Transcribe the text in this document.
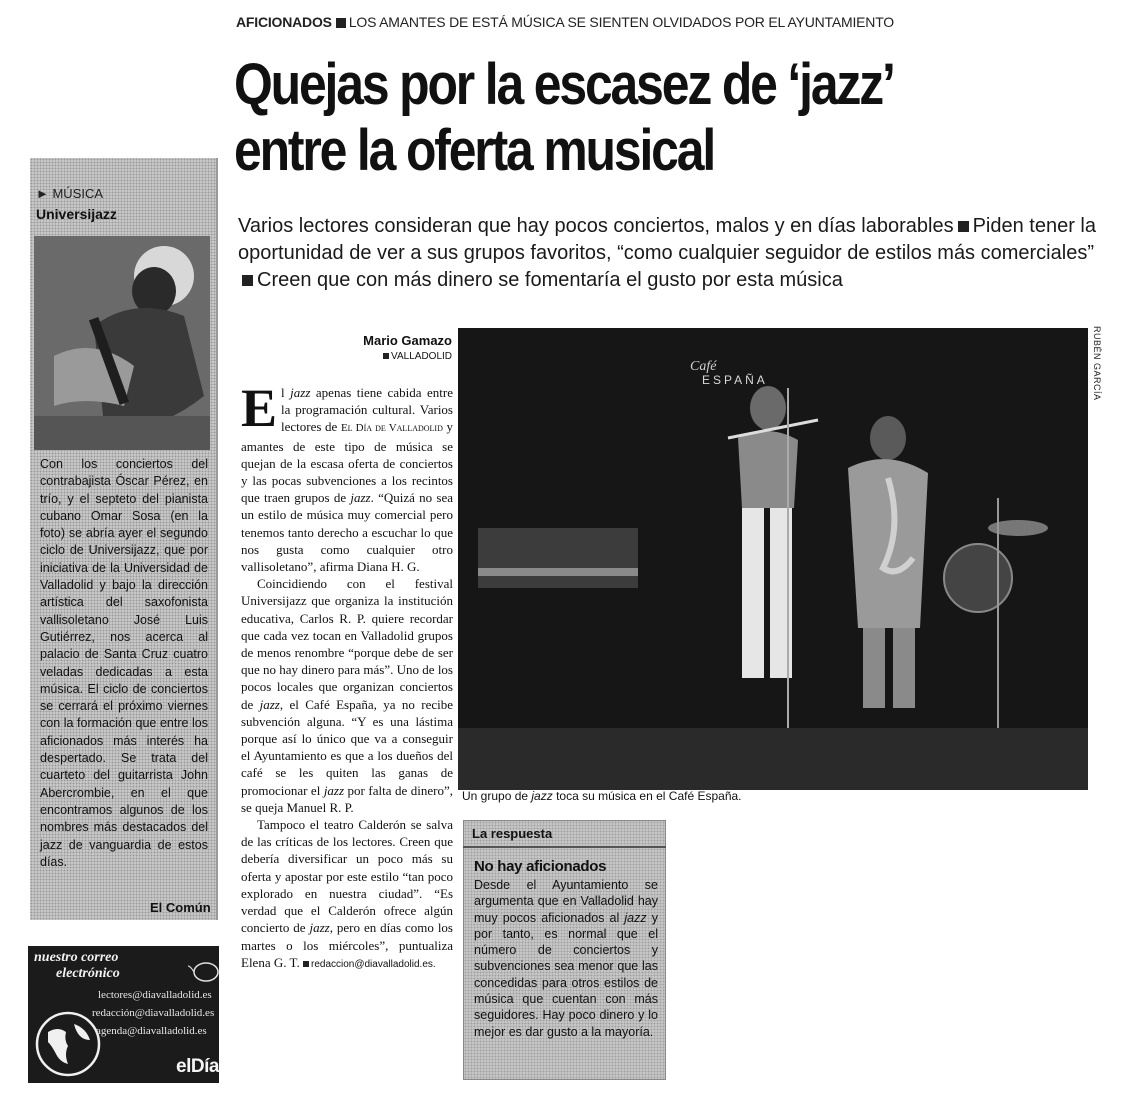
AFICIONADOS LOS AMANTES DE ESTÁ MÚSICA SE SIENTEN OLVIDADOS POR EL AYUNTAMIENTO
Quejas por la escasez de ‘jazz’
entre la oferta musical
Varios lectores consideran que hay pocos conciertos, malos y en días laborables Piden tener la oportunidad de ver a sus grupos favoritos, “como cualquier seguidor de estilos más comerciales”Creen que con más dinero se fomentaría el gusto por esta música
► MÚSICA
Universijazz
Con los conciertos del contrabajista Óscar Pérez, en trío, y el septeto del pianista cubano Omar Sosa (en la foto) se abría ayer el segundo ciclo de Universijazz, que por iniciativa de la Universidad de Valladolid y bajo la dirección artística del saxofonista vallisoletano José Luis Gutiérrez, nos acerca al palacio de Santa Cruz cuatro veladas dedicadas a esta música. El ciclo de conciertos se cerrará el próximo viernes con la formación que entre los aficionados más interés ha despertado. Se trata del cuarteto del guitarrista John Abercrombie, en el que encontramos algunos de los nombres más destacados del jazz de vanguardia de estos días.
El Común
nuestro correo
electrónico
lectores@diavalladolid.es
redacción@diavalladolid.es
agenda@diavalladolid.es
elDía
Mario Gamazo
VALLADOLID

El jazz apenas tiene cabida entre la programación cultural. Varios lectores de El Día de Valladolid y amantes de este tipo de música se quejan de la escasa oferta de conciertos y las pocas subvenciones a los recintos que traen grupos de jazz. “Quizá no sea un estilo de música muy comercial pero tenemos tanto derecho a escuchar lo que nos gusta como cualquier otro vallisoletano”, afirma Diana H. G.

Coincidiendo con el festival Universijazz que organiza la institución educativa, Carlos R. P. quiere recordar que cada vez tocan en Valladolid grupos de menos renombre “porque debe de ser que no hay dinero para más”. Uno de los pocos locales que organizan conciertos de jazz, el Café España, ya no recibe subvención alguna. “Y es una lástima porque así lo único que va a conseguir el Ayuntamiento es que a los dueños del café se les quiten las ganas de promocionar el jazz por falta de dinero”, se queja Manuel R. P.

Tampoco el teatro Calderón se salva de las críticas de los lectores. Creen que debería diversificar un poco más su oferta y apostar por este estilo “tan poco explorado en nuestra ciudad”. “Es verdad que el Calderón ofrece algún concierto de jazz, pero en días como los martes o los miércoles”, puntualiza Elena G. T. redaccion@diavalladolid.es.

Café
ESPAÑA
Un grupo de jazz toca su música en el Café España.
RUBÉN GARCÍA
La respuesta
No hay aficionados
Desde el Ayuntamiento se argumenta que en Valladolid hay muy pocos aficionados al jazz y por tanto, es normal que el número de conciertos y subvenciones sea menor que las concedidas para otros estilos de música que cuentan con más seguidores. Hay poco dinero y lo mejor es dar gusto a la mayoría.
